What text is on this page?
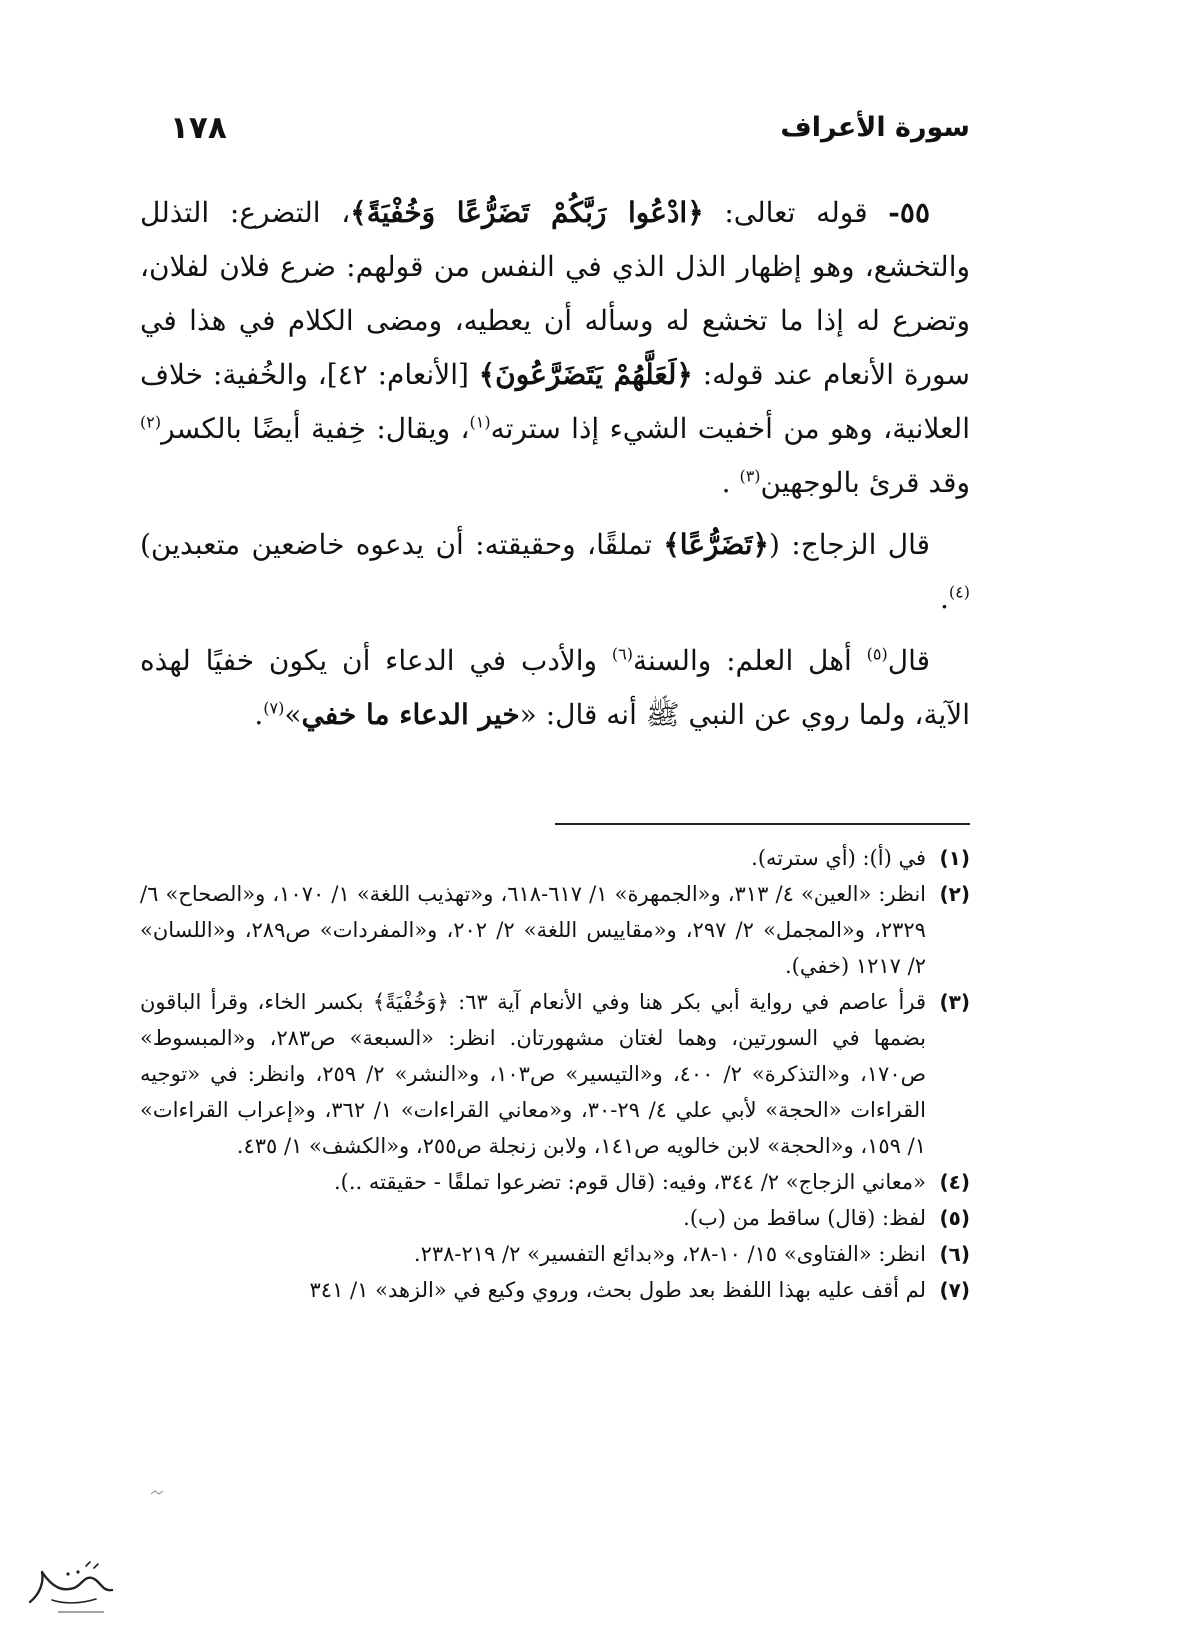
سورة الأعراف
١٧٨

٥٥- قوله تعالى: ﴿ادْعُوا رَبَّكُمْ تَضَرُّعًا وَخُفْيَةً﴾، التضرع: التذلل والتخشع، وهو إظهار الذل الذي في النفس من قولهم: ضرع فلان لفلان، وتضرع له إذا ما تخشع له وسأله أن يعطيه، ومضى الكلام في هذا في سورة الأنعام عند قوله: ﴿لَعَلَّهُمْ يَتَضَرَّعُونَ﴾ [الأنعام: ٤٢]، والخُفية: خلاف العلانية، وهو من أخفيت الشيء إذا سترته$^{(١)}$، ويقال: خِفية أيضًا بالكسر$^{(٢)}$ وقد قرئ بالوجهين$^{(٣)}$ .

قال الزجاج: (﴿تَضَرُّعًا﴾ تملقًا، وحقيقته: أن يدعوه خاضعين متعبدين)$^{(٤)}$.

قال$^{(٥)}$ أهل العلم: والسنة$^{(٦)}$ والأدب في الدعاء أن يكون خفيًا لهذه الآية، ولما روي عن النبي ﷺ أنه قال: «خير الدعاء ما خفي»$^{(٧)}$.

(١)
في (أ): (أي سترته).
(٢)
انظر: «العين» ٤/ ٣١٣، و«الجمهرة» ١/ ٦١٧-٦١٨، و«تهذيب اللغة» ١/ ١٠٧٠، و«الصحاح» ٦/ ٢٣٢٩، و«المجمل» ٢/ ٢٩٧، و«مقاييس اللغة» ٢/ ٢٠٢، و«المفردات» ص٢٨٩، و«اللسان» ٢/ ١٢١٧ (خفي).
(٣)
قرأ عاصم في رواية أبي بكر هنا وفي الأنعام آية ٦٣: ﴿وَخُفْيَةً﴾ بكسر الخاء، وقرأ الباقون بضمها في السورتين، وهما لغتان مشهورتان. انظر: «السبعة» ص٢٨٣، و«المبسوط» ص١٧٠، و«التذكرة» ٢/ ٤٠٠، و«التيسير» ص١٠٣، و«النشر» ٢/ ٢٥٩، وانظر: في «توجيه القراءات «الحجة» لأبي علي ٤/ ٢٩-٣٠، و«معاني القراءات» ١/ ٣٦٢، و«إعراب القراءات» ١/ ١٥٩، و«الحجة» لابن خالويه ص١٤١، ولابن زنجلة ص٢٥٥، و«الكشف» ١/ ٤٣٥.
(٤)
«معاني الزجاج» ٢/ ٣٤٤، وفيه: (قال قوم: تضرعوا تملقًا - حقيقته ..).
(٥)
لفظ: (قال) ساقط من (ب).
(٦)
انظر: «الفتاوى» ١٥/ ١٠-٢٨، و«بدائع التفسير» ٢/ ٢١٩-٢٣٨.
(٧)
لم أقف عليه بهذا اللفظ بعد طول بحث، وروي وكيع في «الزهد» ١/ ٣٤١
